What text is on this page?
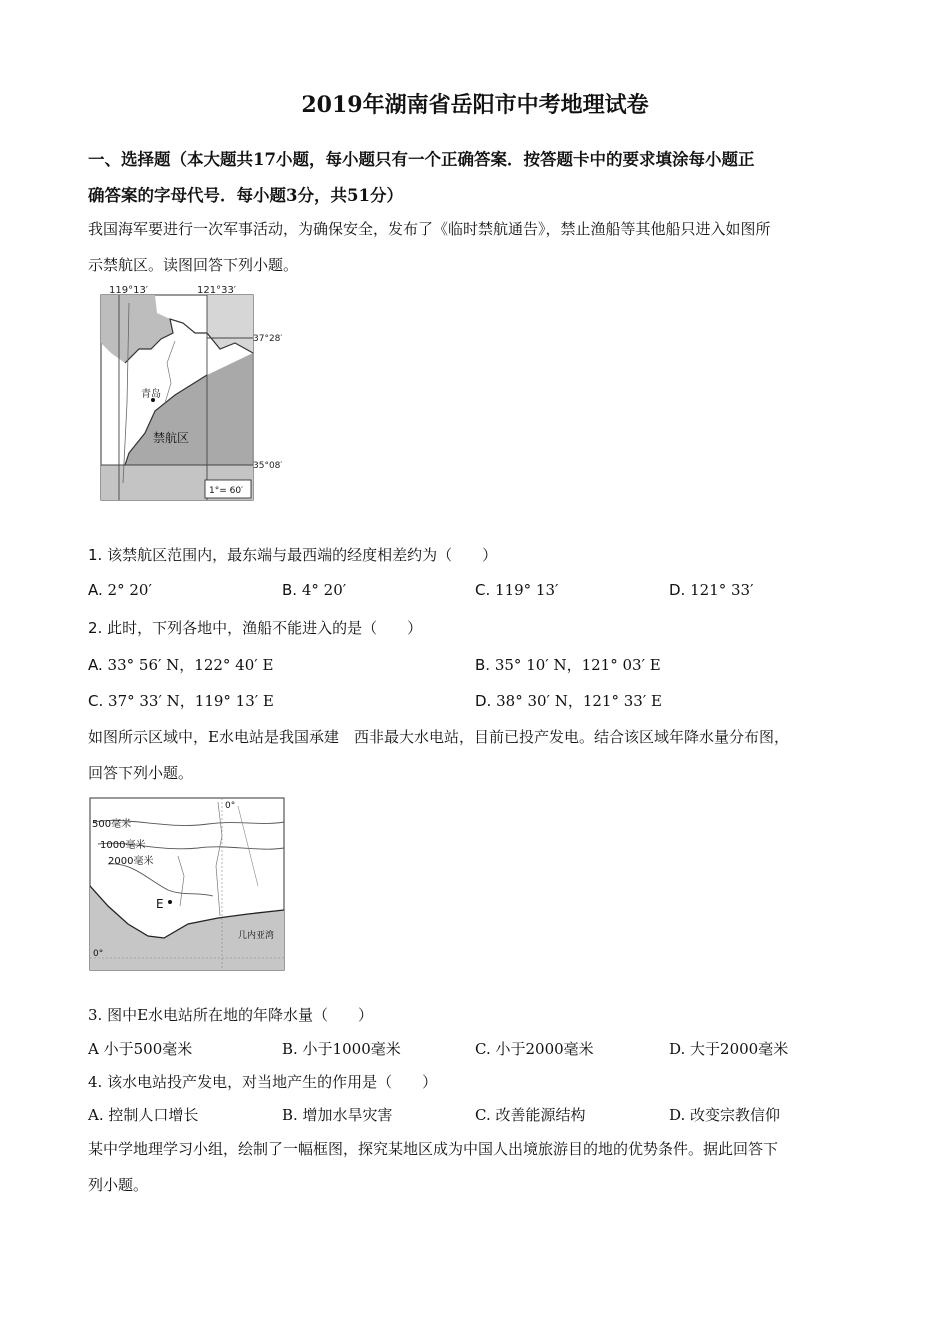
2019年湖南省岳阳市中考地理试卷
一、选择题（本大题共17小题，每小题只有一个正确答案．按答题卡中的要求填涂每小题正
确答案的字母代号．每小题3分，共51分）
我国海军要进行一次军事活动，为确保安全，发布了《临时禁航通告》，禁止渔船等其他船只进入如图所
示禁航区。读图回答下列小题。
119°13′	121°33′
37°28′
35°08′
青岛
禁航区
1°= 60′
1. 该禁航区范围内，最东端与最西端的经度相差约为（　　）
A. 2° 20′	B. 4° 20′	C. 119° 13′	D. 121° 33′
2. 此时，下列各地中，渔船不能进入的是（　　）
A. 33° 56′ N，122° 40′ E	B. 35° 10′ N，121° 03′ E
C. 37° 33′ N，119° 13′ E	D. 38° 30′ N，121° 33′ E
如图所示区域中，E水电站是我国承建　西非最大水电站，目前已投产发电。结合该区域年降水量分布图，
回答下列小题。
500毫米
1000毫米
2000毫米
E
几内亚湾
0°
0°
3. 图中E水电站所在地的年降水量（　　）
A 小于500毫米	B. 小于1000毫米	C. 小于2000毫米	D. 大于2000毫米
4. 该水电站投产发电，对当地产生的作用是（　　）
A. 控制人口增长	B. 增加水旱灾害	C. 改善能源结构	D. 改变宗教信仰
某中学地理学习小组，绘制了一幅框图，探究某地区成为中国人出境旅游目的地的优势条件。据此回答下
列小题。
